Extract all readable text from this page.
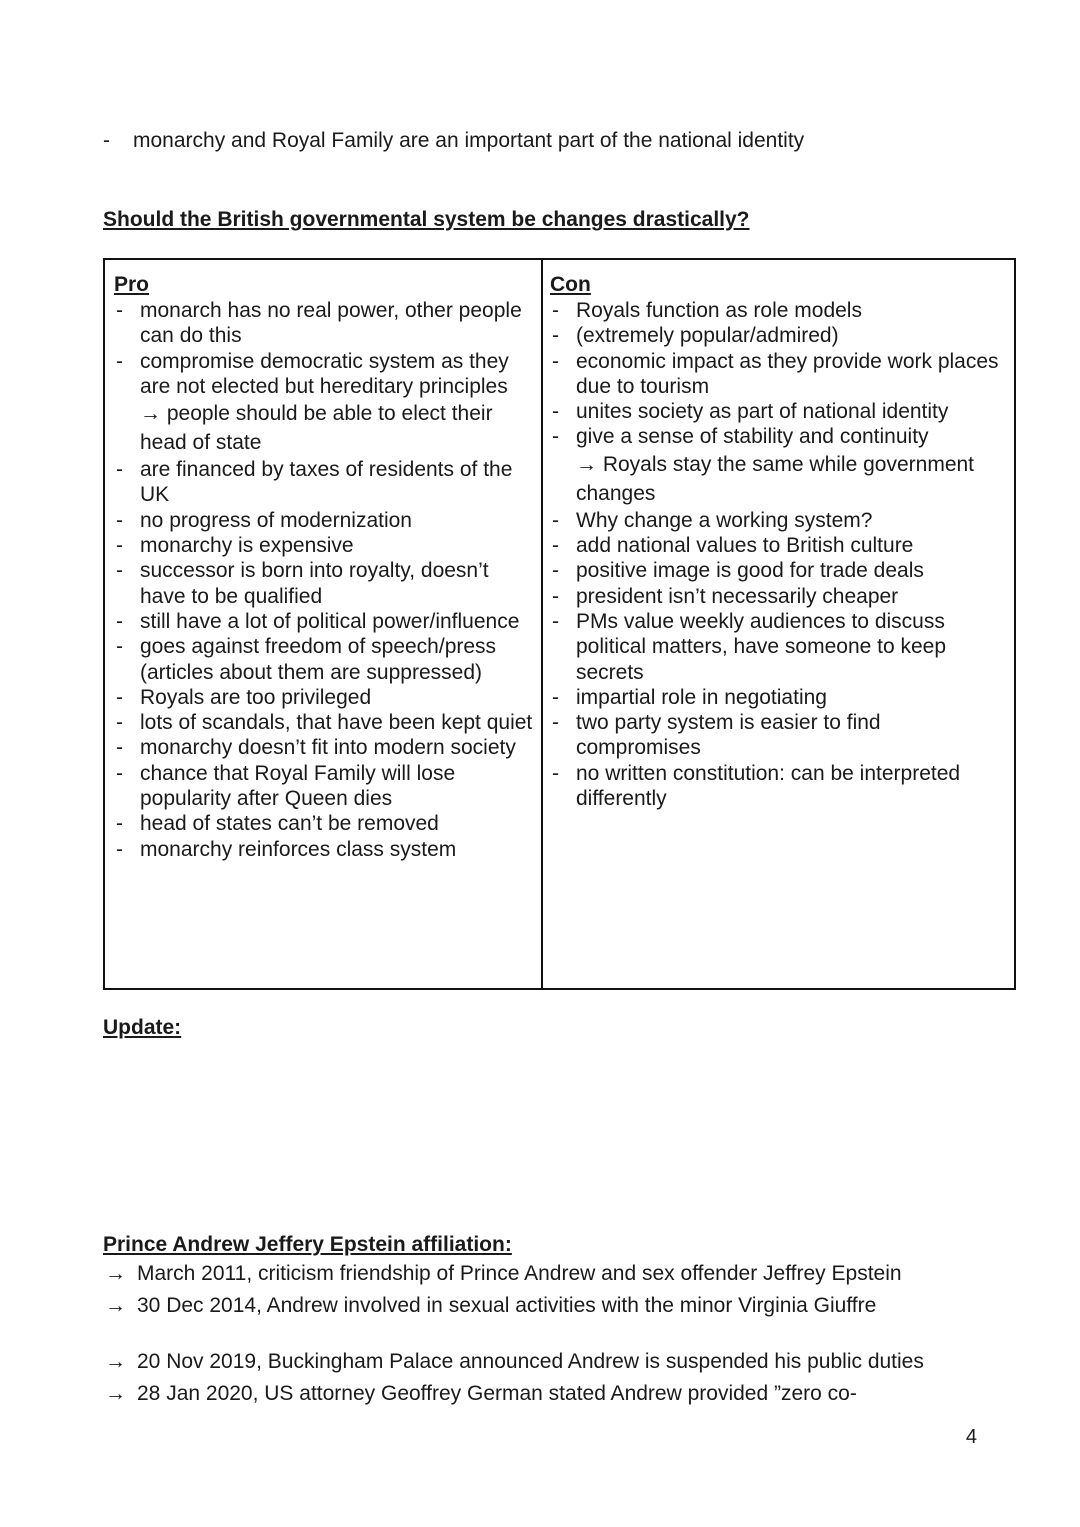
- monarchy and Royal Family are an important part of the national identity
Should the British governmental system be changes drastically?
Pro
- monarch has no real power, other people can do this
- compromise democratic system as they are not elected but hereditary principles
→ people should be able to elect their head of state
- are financed by taxes of residents of the UK
- no progress of modernization
- monarchy is expensive
- successor is born into royalty, doesn’t have to be qualified
- still have a lot of political power/influence
- goes against freedom of speech/press (articles about them are suppressed)
- Royals are too privileged
- lots of scandals, that have been kept quiet
- monarchy doesn’t fit into modern society
- chance that Royal Family will lose popularity after Queen dies
- head of states can’t be removed
- monarchy reinforces class system
Con
- Royals function as role models
- (extremely popular/admired)
- economic impact as they provide work places due to tourism
- unites society as part of national identity
- give a sense of stability and continuity
→ Royals stay the same while government changes
- Why change a working system?
- add national values to British culture
- positive image is good for trade deals
- president isn’t necessarily cheaper
- PMs value weekly audiences to discuss political matters, have someone to keep secrets
- impartial role in negotiating
- two party system is easier to find compromises
- no written constitution: can be interpreted differently
Update:
Prince Andrew Jeffery Epstein affiliation:
→ March 2011, criticism friendship of Prince Andrew and sex offender Jeffrey Epstein
→ 30 Dec 2014, Andrew involved in sexual activities with the minor Virginia Giuffre
→ 20 Nov 2019, Buckingham Palace announced Andrew is suspended his public duties
→ 28 Jan 2020, US attorney Geoffrey German stated Andrew provided ”zero co-
4
